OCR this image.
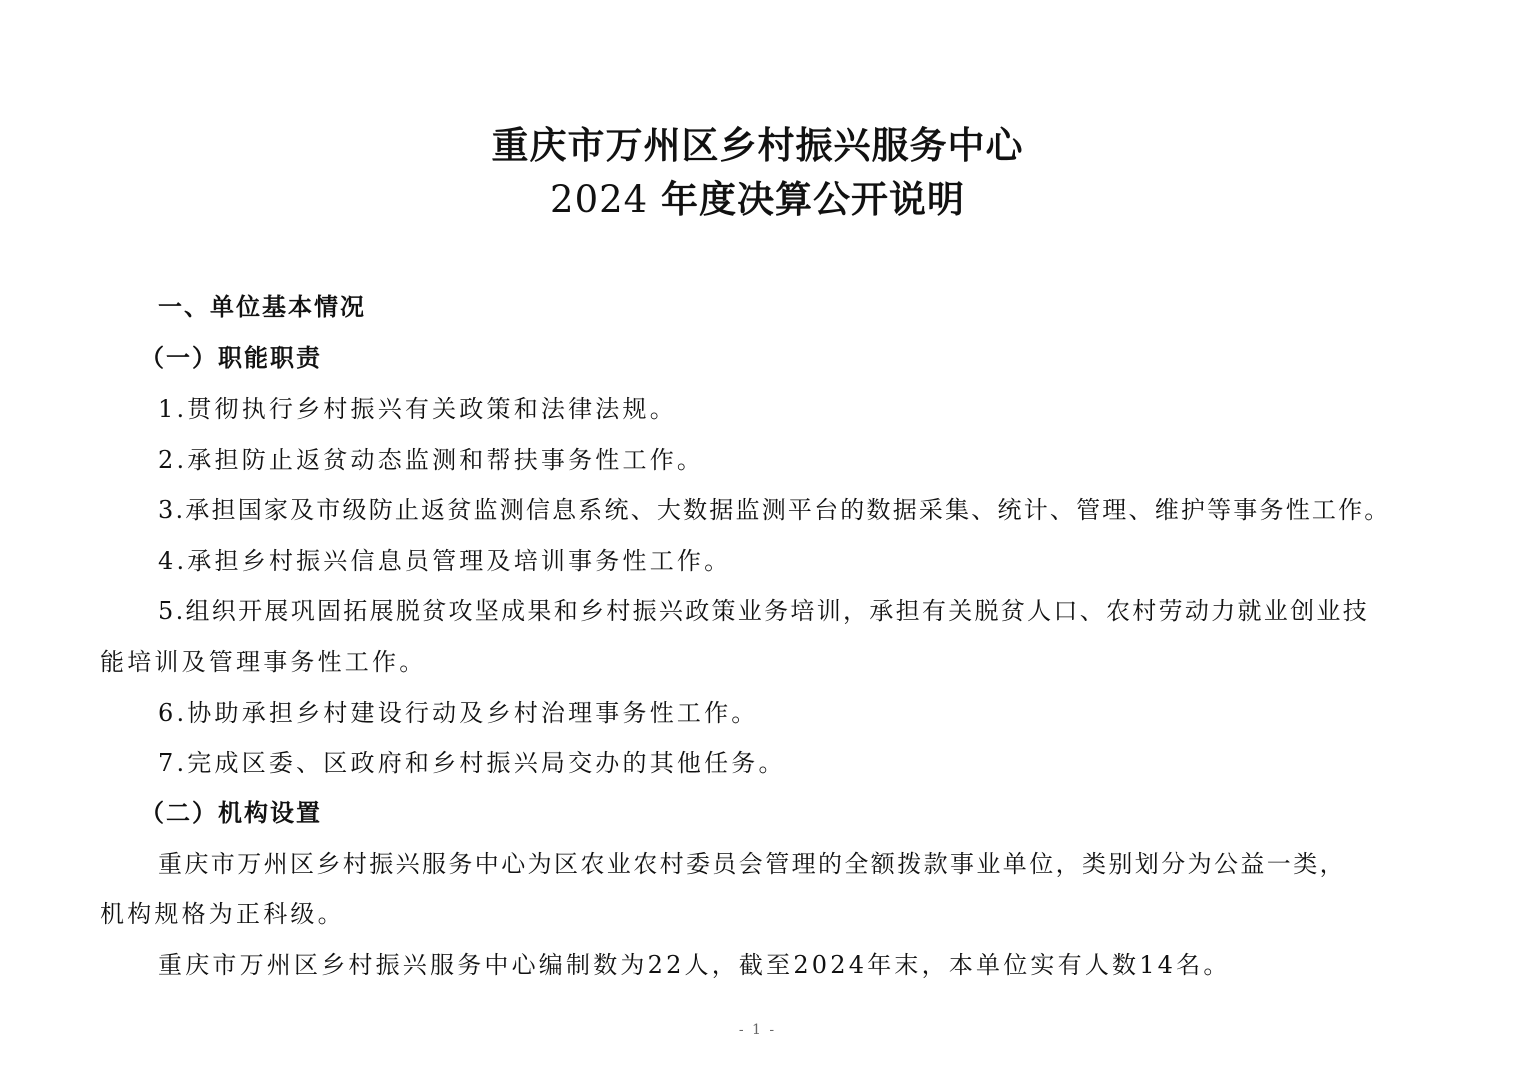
重庆市万州区乡村振兴服务中心
2024 年度决算公开说明
一、单位基本情况
（一）职能职责
1.贯彻执行乡村振兴有关政策和法律法规。
2.承担防止返贫动态监测和帮扶事务性工作。
3.承担国家及市级防止返贫监测信息系统、大数据监测平台的数据采集、统计、管理、维护等事务性工作。
4.承担乡村振兴信息员管理及培训事务性工作。
5.组织开展巩固拓展脱贫攻坚成果和乡村振兴政策业务培训，承担有关脱贫人口、农村劳动力就业创业技
能培训及管理事务性工作。
6.协助承担乡村建设行动及乡村治理事务性工作。
7.完成区委、区政府和乡村振兴局交办的其他任务。
（二）机构设置
重庆市万州区乡村振兴服务中心为区农业农村委员会管理的全额拨款事业单位，类别划分为公益一类，
机构规格为正科级。
重庆市万州区乡村振兴服务中心编制数为22人，截至2024年末，本单位实有人数14名。
- 1 -
